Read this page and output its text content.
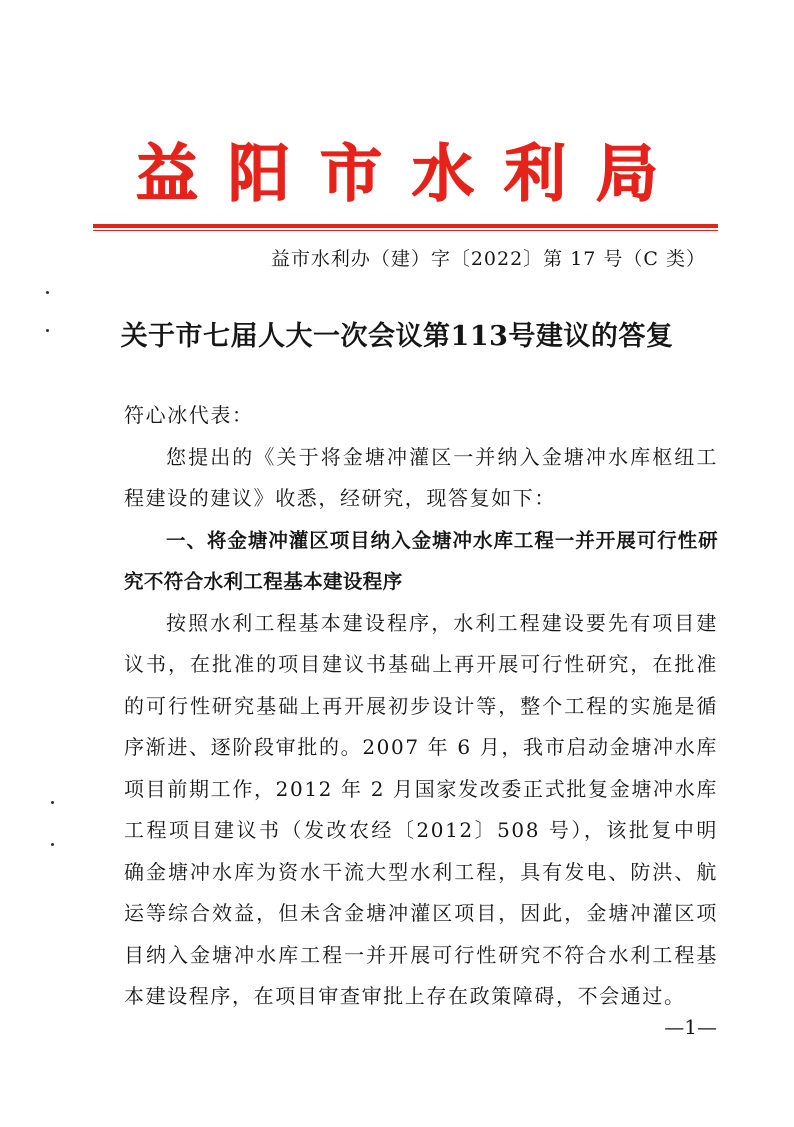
益阳市水利局
益市水利办（建）字〔2022〕第 17 号（C 类）
关于市七届人大一次会议第113号建议的答复

符心冰代表：

您提出的《关于将金塘冲灌区一并纳入金塘冲水库枢纽工程建设的建议》收悉，经研究，现答复如下：

一、将金塘冲灌区项目纳入金塘冲水库工程一并开展可行性研究不符合水利工程基本建设程序

按照水利工程基本建设程序，水利工程建设要先有项目建议书，在批准的项目建议书基础上再开展可行性研究，在批准的可行性研究基础上再开展初步设计等，整个工程的实施是循序渐进、逐阶段审批的。2007 年 6 月，我市启动金塘冲水库项目前期工作，2012 年 2 月国家发改委正式批复金塘冲水库工程项目建议书（发改农经〔2012〕508 号），该批复中明确金塘冲水库为资水干流大型水利工程，具有发电、防洪、航运等综合效益，但未含金塘冲灌区项目，因此，金塘冲灌区项目纳入金塘冲水库工程一并开展可行性研究不符合水利工程基本建设程序，在项目审查审批上存在政策障碍，不会通过。

—1—
